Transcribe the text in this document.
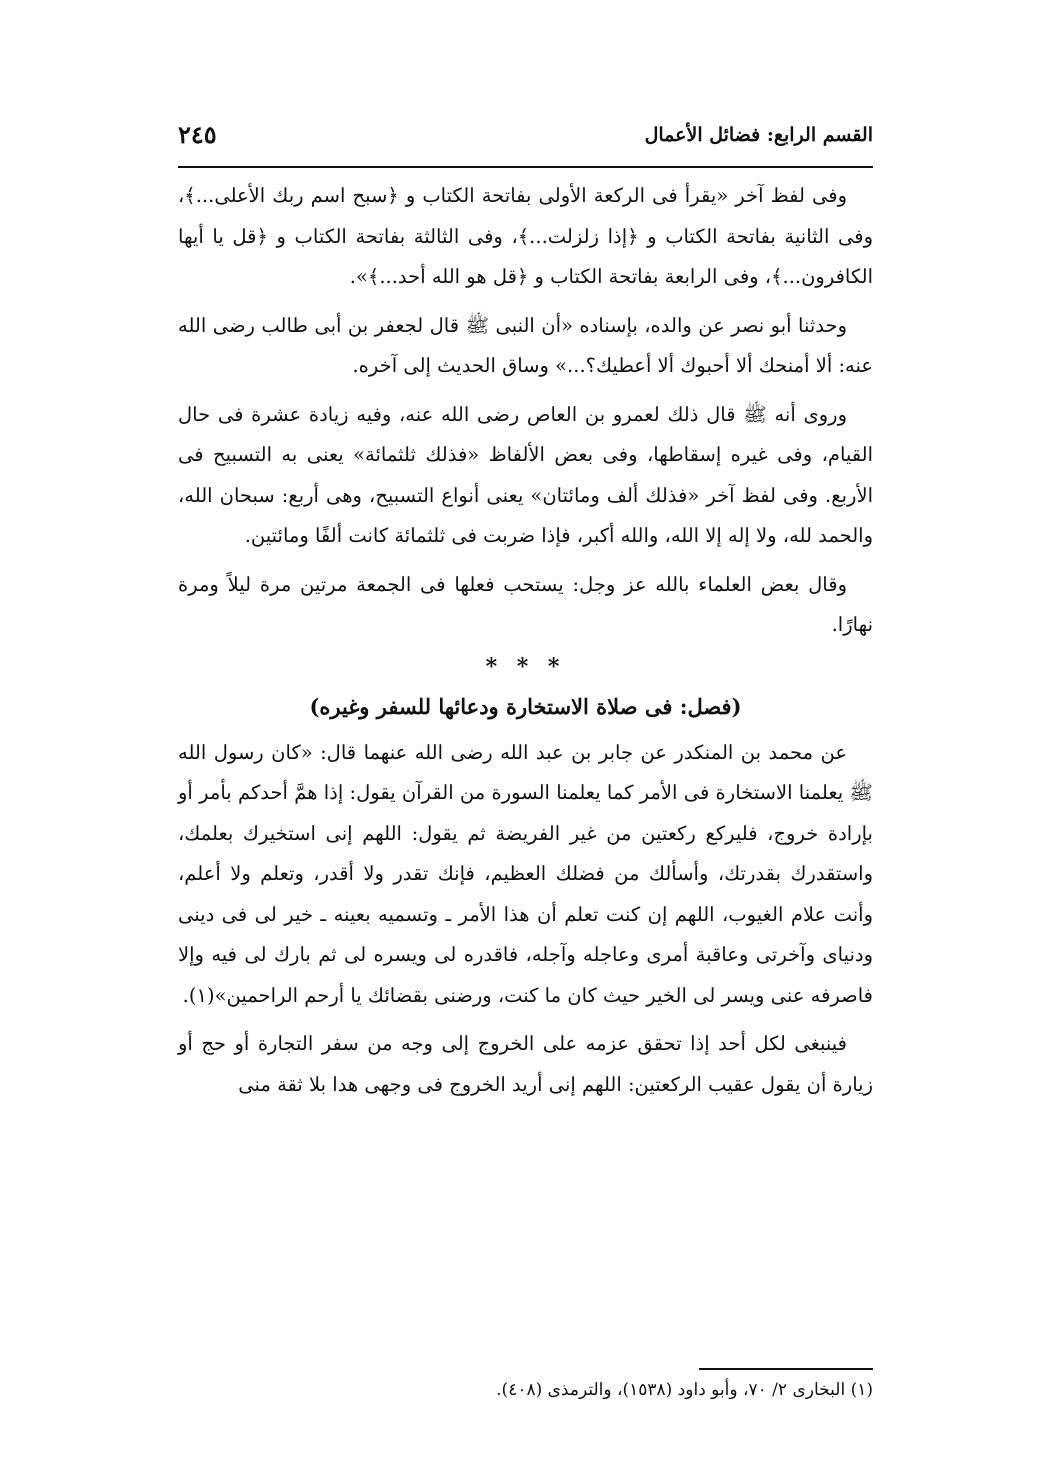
القسم الرابع: فضائل الأعمال
٢٤٥

وفى لفظ آخر «يقرأ فى الركعة الأولى بفاتحة الكتاب و ﴿سبح اسم ربك الأعلى...﴾، وفى الثانية بفاتحة الكتاب و ﴿إذا زلزلت...﴾، وفى الثالثة بفاتحة الكتاب و ﴿قل يا أيها الكافرون...﴾، وفى الرابعة بفاتحة الكتاب و ﴿قل هو الله أحد...﴾».

وحدثنا أبو نصر عن والده، بإسناده «أن النبى ﷺ قال لجعفر بن أبى طالب رضى الله عنه: ألا أمنحك ألا أحبوك ألا أعطيك؟...» وساق الحديث إلى آخره.

وروى أنه ﷺ قال ذلك لعمرو بن العاص رضى الله عنه، وفيه زيادة عشرة فى حال القيام، وفى غيره إسقاطها، وفى بعض الألفاظ «فذلك ثلثمائة» يعنى به التسبيح فى الأربع. وفى لفظ آخر «فذلك ألف ومائتان» يعنى أنواع التسبيح، وهى أربع: سبحان الله، والحمد لله، ولا إله إلا الله، والله أكبر، فإذا ضربت فى ثلثمائة كانت ألفًا ومائتين.

وقال بعض العلماء بالله عز وجل: يستحب فعلها فى الجمعة مرتين مرة ليلاً ومرة نهارًا.

* * *
(فصل: فى صلاة الاستخارة ودعائها للسفر وغيره)

عن محمد بن المنكدر عن جابر بن عبد الله رضى الله عنهما قال: «كان رسول الله ﷺ يعلمنا الاستخارة فى الأمر كما يعلمنا السورة من القرآن يقول: إذا همَّ أحدكم بأمر أو بإرادة خروج، فليركع ركعتين من غير الفريضة ثم يقول: اللهم إنى استخيرك بعلمك، واستقدرك بقدرتك، وأسألك من فضلك العظيم، فإنك تقدر ولا أقدر، وتعلم ولا أعلم، وأنت علام الغيوب، اللهم إن كنت تعلم أن هذا الأمر ـ وتسميه بعينه ـ خير لى فى دينى ودنياى وآخرتى وعاقبة أمرى وعاجله وآجله، فاقدره لى ويسره لى ثم بارك لى فيه وإلا فاصرفه عنى ويسر لى الخير حيث كان ما كنت، ورضنى بقضائك يا أرحم الراحمين»(١).

فينبغى لكل أحد إذا تحقق عزمه على الخروج إلى وجه من سفر التجارة أو حج أو زيارة أن يقول عقيب الركعتين: اللهم إنى أريد الخروج فى وجهى هدا بلا ثقة منى

(١) البخارى ٢/ ٧٠، وأبو داود (١٥٣٨)، والترمذى (٤٠٨).
